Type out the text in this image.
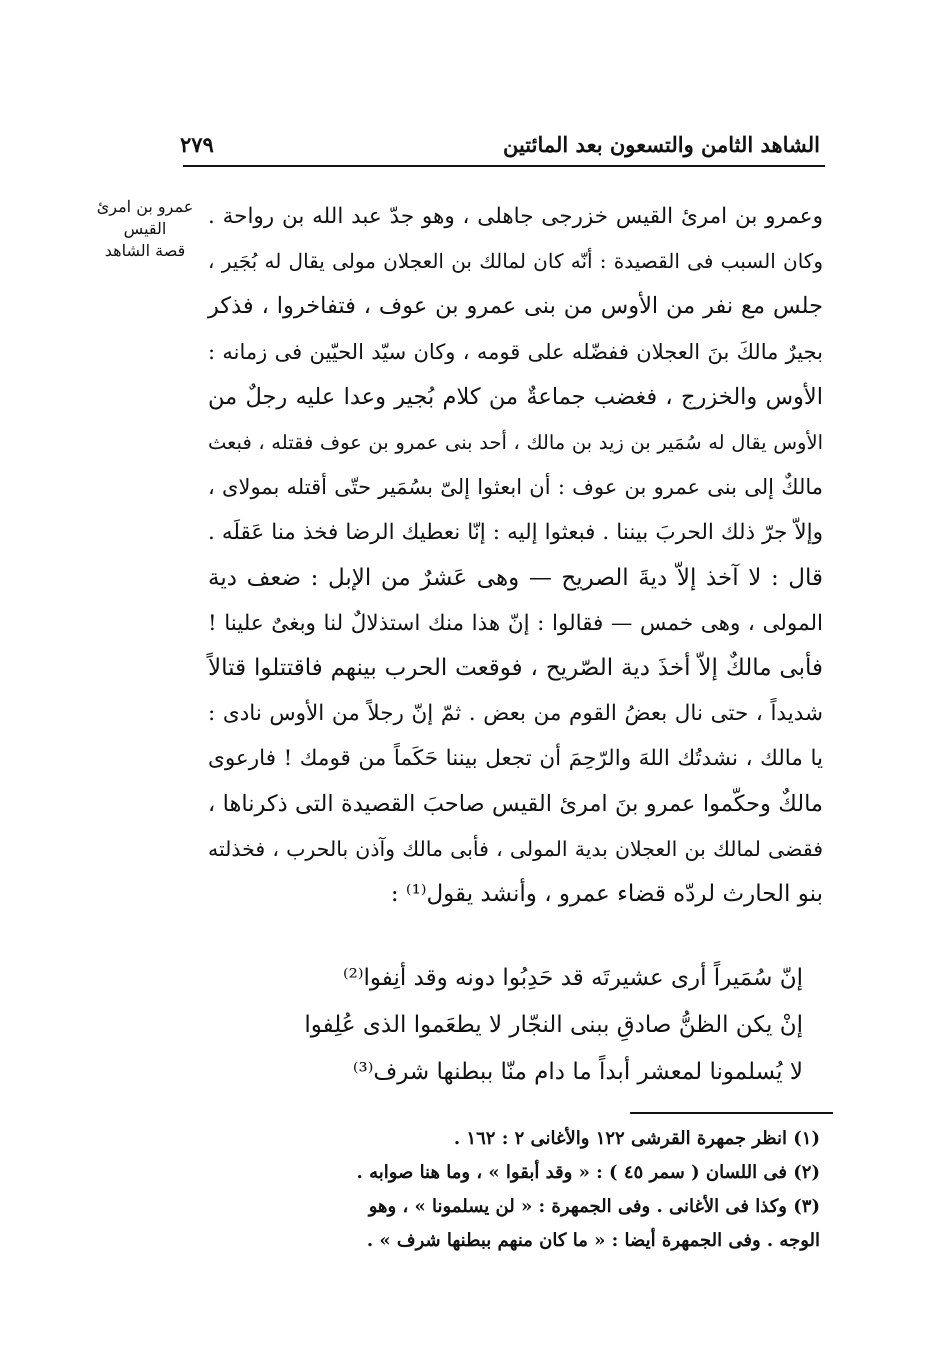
الشاهد الثامن والتسعون بعد المائتين
٢٧٩
عمرو بن امرئ
القيس
قصة الشاهد
وعمرو بن امرئ القيس خزرجى جاهلى ، وهو جدّ عبد الله بن رواحة .
وكان السبب فى القصيدة : أنّه كان لمالك بن العجلان مولى يقال له بُجَير ،
جلس مع نفر من الأوس من بنى عمرو بن عوف ، فتفاخروا ، فذكر
بجيرٌ مالكَ بنَ العجلان ففضّله على قومه ، وكان سيّد الحيّين فى زمانه :
الأوس والخزرج ، فغضب جماعةٌ من كلام بُجير وعدا عليه رجلٌ من
الأوس يقال له سُمَير بن زيد بن مالك ، أحد بنى عمرو بن عوف فقتله ، فبعث
مالكٌ إلى بنى عمرو بن عوف : أن ابعثوا إلىّ بسُمَير حتّى أقتله بمولاى ،
وإلاّ جرّ ذلك الحربَ بيننا . فبعثوا إليه : إنّا نعطيك الرضا فخذ منا عَقلَه .
قال : لا آخذ إلاّ ديةَ الصريح — وهى عَشرٌ من الإبل : ضعف دية
المولى ، وهى خمس — فقالوا : إنّ هذا منك استذلالٌ لنا وبغىٌ علينا !
فأبى مالكٌ إلاّ أخذَ دية الصّريح ، فوقعت الحرب بينهم فاقتتلوا قتالاً
شديداً ، حتى نال بعضُ القوم من بعض . ثمّ إنّ رجلاً من الأوس نادى :
يا مالك ، نشدتُك اللهَ والرّحِمَ أن تجعل بيننا حَكَماً من قومك ! فارعوى
مالكٌ وحكّموا عمرو بنَ امرئ القيس صاحبَ القصيدة التى ذكرناها ،
فقضى لمالك بن العجلان بدية المولى ، فأبى مالك وآذن بالحرب ، فخذلته
بنو الحارث لردّه قضاء عمرو ، وأنشد يقول⁽¹⁾ :
إنّ سُمَيراً أرى عشيرتَه قد حَدِبُوا دونه وقد أنِفوا⁽²⁾
إنْ يكن الظنُّ صادقِ ببنى النجّار لا يطعَموا الذى عُلِفوا
لا يُسلمونا لمعشر أبداً ما دام منّا ببطنها شرف⁽³⁾
(١) انظر جمهرة القرشى ١٢٢ والأغانى ٢ : ١٦٢ .
(٢) فى اللسان ( سمر ٤٥ ) : « وقد أبقوا » ، وما هنا صوابه .
(٣) وكذا فى الأغانى . وفى الجمهرة : « لن يسلمونا » ، وهو
الوجه . وفى الجمهرة أيضا : « ما كان منهم ببطنها شرف » .
